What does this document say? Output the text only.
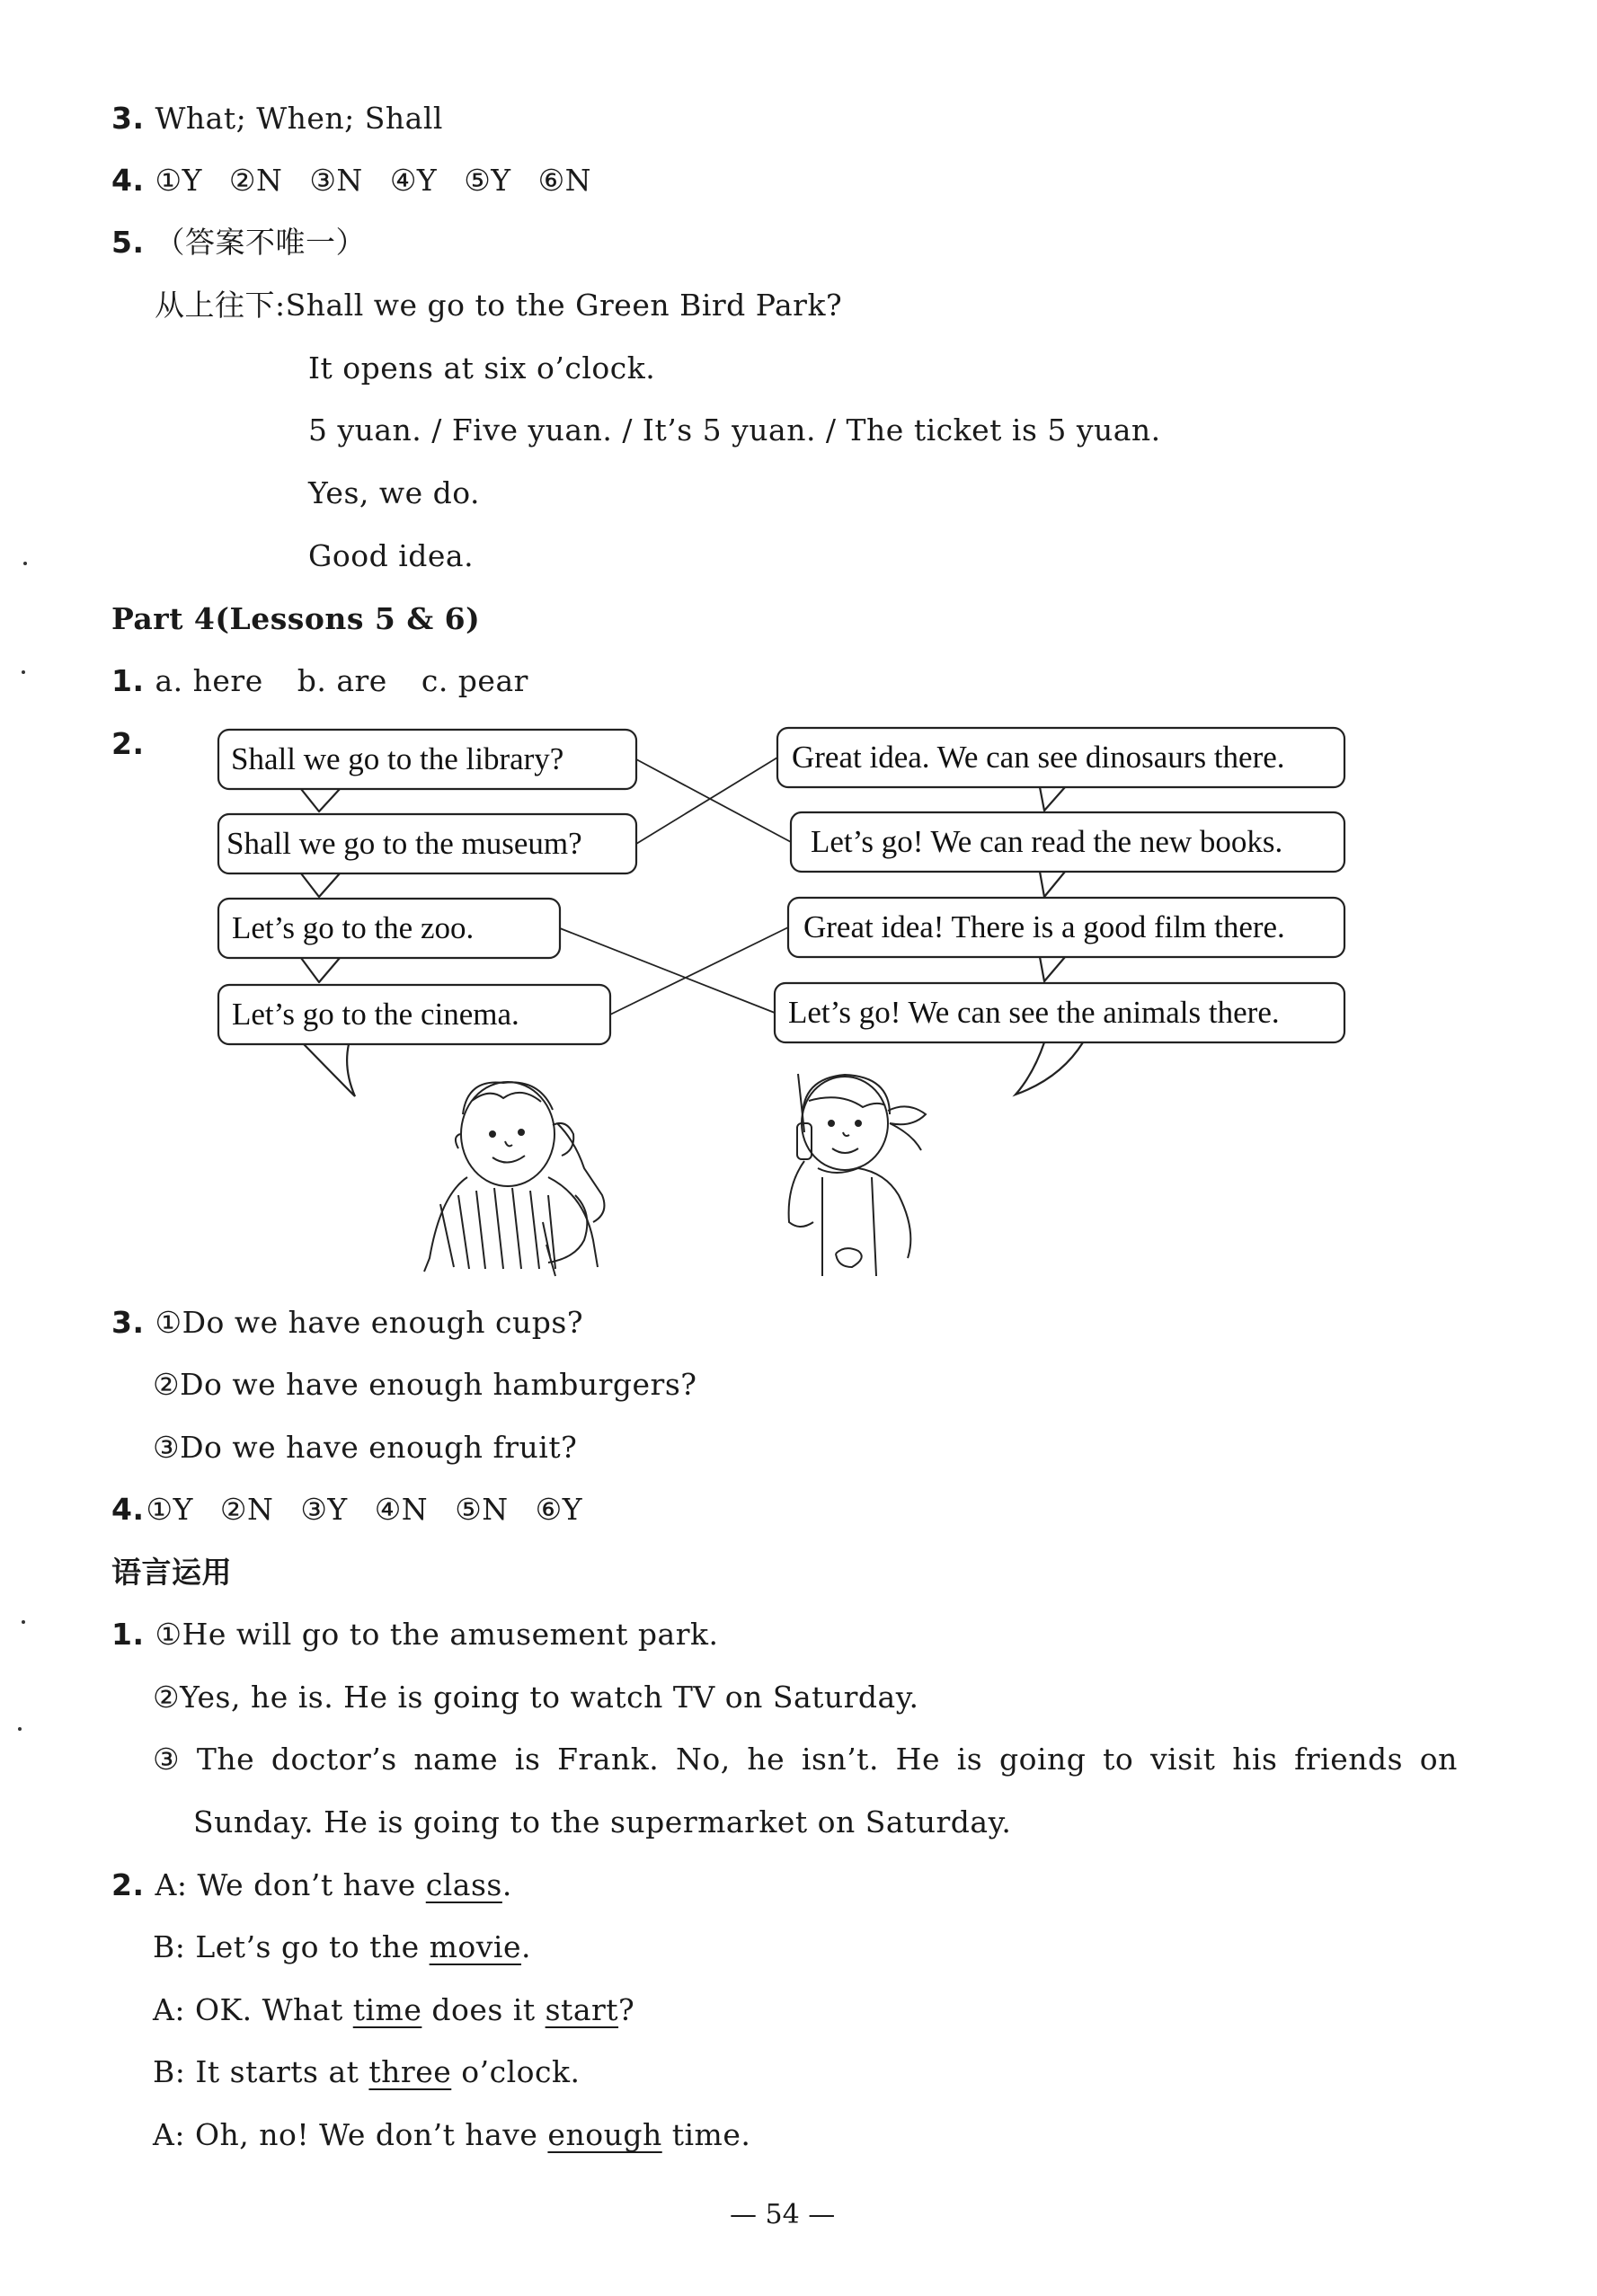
3. What; When; Shall
4. ①Y ②N ③N ④Y ⑤Y ⑥N
5. （答案不唯一）
从上往下:Shall we go to the Green Bird Park?
It opens at six o’clock.
5 yuan. / Five yuan. / It’s 5 yuan. / The ticket is 5 yuan.
Yes, we do.
Good idea.
Part 4(Lessons 5 & 6)
1. a. here b. are c. pear
2.	Shall we go to the library?
Shall we go to the museum?
Let’s go to the zoo.
Let’s go to the cinema.
Great idea. We can see dinosaurs there.
Let’s go! We can read the new books.
Great idea! There is a good film there.
Let’s go! We can see the animals there.
3. ①Do we have enough cups?
②Do we have enough hamburgers?
③Do we have enough fruit?
4.①Y ②N ③Y ④N ⑤N ⑥Y
语言运用
1. ①He will go to the amusement park.
②Yes, he is. He is going to watch TV on Saturday.
③ The doctor’s name is Frank. No, he isn’t. He is going to visit his friends on
Sunday. He is going to the supermarket on Saturday.
2. A: We don’t have class.
B: Let’s go to the movie.
A: OK. What time does it start?
B: It starts at three o’clock.
A: Oh, no! We don’t have enough time.
— 54 —
